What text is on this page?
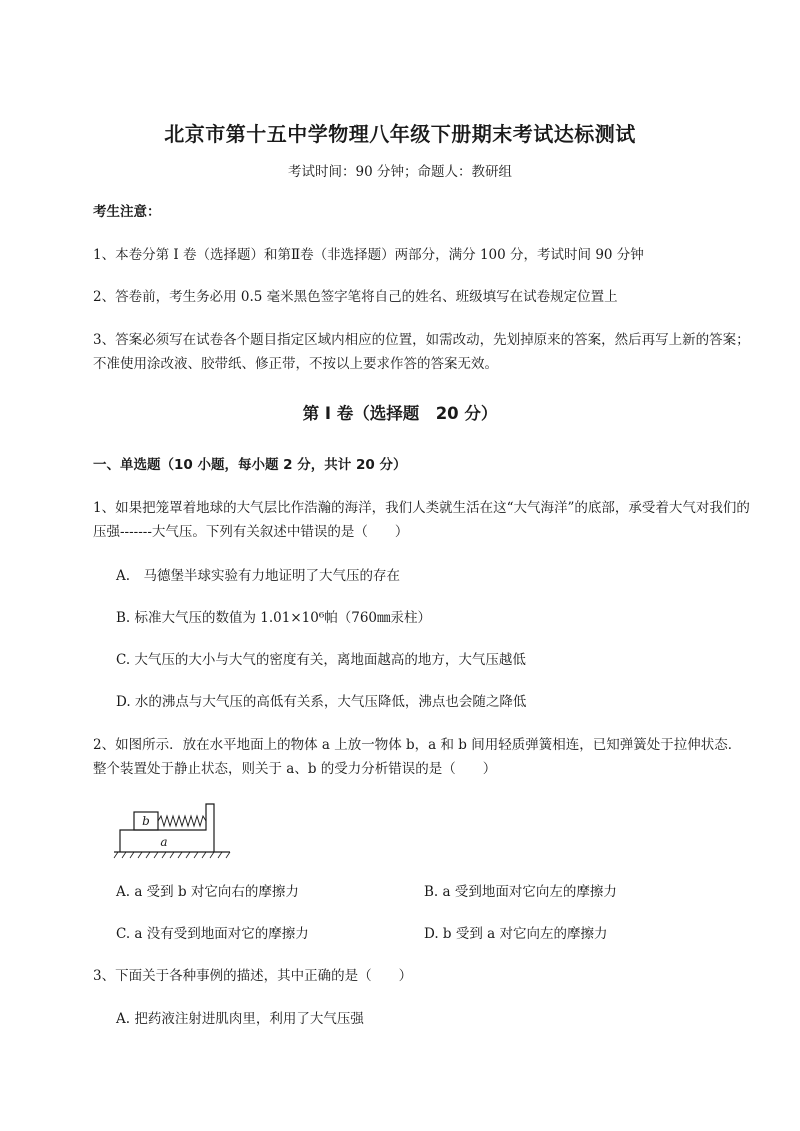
北京市第十五中学物理八年级下册期末考试达标测试
考试时间：90 分钟；命题人：教研组
考生注意：
1、本卷分第 I 卷（选择题）和第Ⅱ卷（非选择题）两部分，满分 100 分，考试时间 90 分钟
2、答卷前，考生务必用 0.5 毫米黑色签字笔将自己的姓名、班级填写在试卷规定位置上
3、答案必须写在试卷各个题目指定区域内相应的位置，如需改动，先划掉原来的答案，然后再写上新的答案；不准使用涂改液、胶带纸、修正带，不按以上要求作答的答案无效。
第 I 卷（选择题　20 分）
一、单选题（10 小题，每小题 2 分，共计 20 分）
1、如果把笼罩着地球的大气层比作浩瀚的海洋，我们人类就生活在这“大气海洋”的底部，承受着大气对我们的压强-------大气压。下列有关叙述中错误的是（　　）
A.　马德堡半球实验有力地证明了大气压的存在
B. 标准大气压的数值为 1.01×10⁶帕（760㎜汞柱）
C. 大气压的大小与大气的密度有关，离地面越高的地方，大气压越低
D. 水的沸点与大气压的高低有关系，大气压降低，沸点也会随之降低
2、如图所示．放在水平地面上的物体 a 上放一物体 b，a 和 b 间用轻质弹簧相连，已知弹簧处于拉伸状态．整个装置处于静止状态，则关于 a、b 的受力分析错误的是（　　）
b
a
A. a 受到 b 对它向右的摩擦力	B. a 受到地面对它向左的摩擦力
C. a 没有受到地面对它的摩擦力	D. b 受到 a 对它向左的摩擦力
3、下面关于各种事例的描述，其中正确的是（　　）
A. 把药液注射进肌肉里，利用了大气压强
